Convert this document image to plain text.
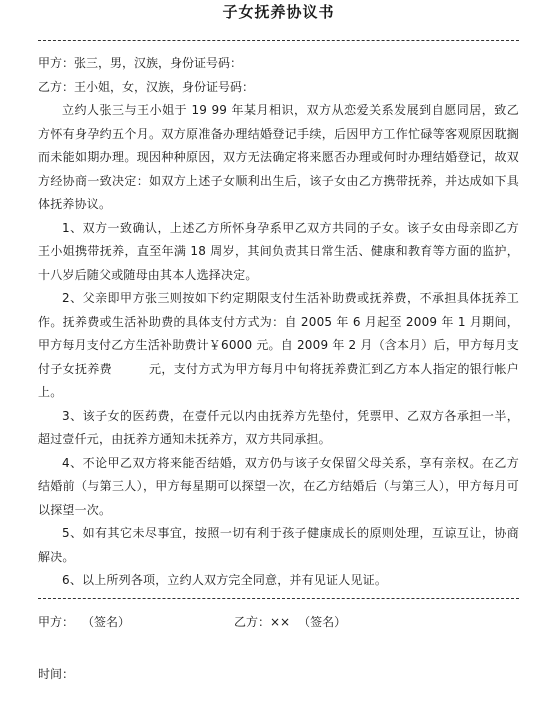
子女抚养协议书

甲方：张三，男，汉族，身份证号码：

乙方：王小姐，女，汉族，身份证号码：

立约人张三与王小姐于 19 99 年某月相识，双方从恋爱关系发展到自愿同居，致乙方怀有身孕约五个月。双方原准备办理结婚登记手续，后因甲方工作忙碌等客观原因耽搁而未能如期办理。现因种种原因，双方无法确定将来愿否办理或何时办理结婚登记，故双方经协商一致决定：如双方上述子女顺利出生后，该子女由乙方携带抚养，并达成如下具体抚养协议。

1、双方一致确认，上述乙方所怀身孕系甲乙双方共同的子女。该子女由母亲即乙方王小姐携带抚养，直至年满 18 周岁，其间负责其日常生活、健康和教育等方面的监护，十八岁后随父或随母由其本人选择决定。

2、父亲即甲方张三则按如下约定期限支付生活补助费或抚养费，不承担具体抚养工作。抚养费或生活补助费的具体支付方式为：自 2005 年 6 月起至 2009 年 1 月期间，甲方每月支付乙方生活补助费计￥6000 元。自 2009 年 2 月（含本月）后，甲方每月支付子女抚养费　　　元，支付方式为甲方每月中旬将抚养费汇到乙方本人指定的银行帐户上。

3、该子女的医药费，在壹仟元以内由抚养方先垫付，凭票甲、乙双方各承担一半，超过壹仟元，由抚养方通知未抚养方，双方共同承担。

4、不论甲乙双方将来能否结婚，双方仍与该子女保留父母关系，享有亲权。在乙方结婚前（与第三人），甲方每星期可以探望一次，在乙方结婚后（与第三人），甲方每月可以探望一次。

5、如有其它未尽事宜，按照一切有利于孩子健康成长的原则处理，互谅互让，协商解决。

6、以上所列各项，立约人双方完全同意，并有见证人见证。

甲方： （签名）	乙方：×× （签名）
时间：
